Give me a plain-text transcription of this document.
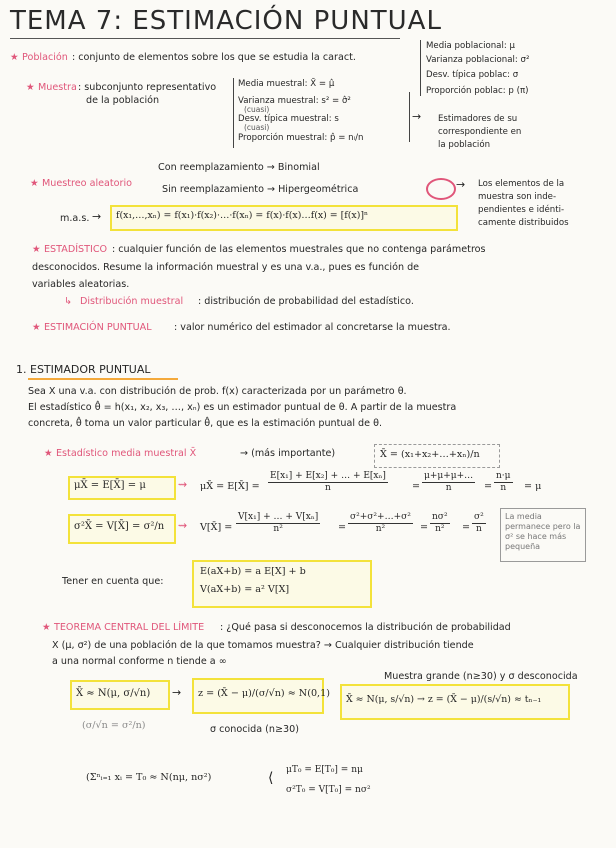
TEMA 7: ESTIMACIÓN PUNTUAL
★ Población : conjunto de elementos sobre los que se estudia la caract.
Media poblacional: μ
Varianza poblacional: σ²
Desv. típica poblac: σ
Proporción poblac: p (π)
★ Muestra : subconjunto representativo
de la población
Media muestral: X̄ = μ̂
Varianza muestral: s² = σ̂²
(cuasi)
Desv. típica muestral: s
(cuasi)
Proporción muestral: p̂ = nᵢ/n
→ Estimadores de su
correspondiente en
la población
★ Muestreo aleatorio
Con reemplazamiento → Binomial
Sin reemplazamiento → Hipergeométrica
m.a.s. → f(x₁,…,xₙ) = f(x₁)·f(x₂)·…·f(xₙ) = f(x)·f(x)…f(x) = [f(x)]ⁿ
→ Los elementos de la
muestra son inde-
pendientes e idénti-
camente distribuidos
★ ESTADÍSTICO : cualquier función de las elementos muestrales que no contenga parámetros
desconocidos. Resume la información muestral y es una v.a., pues es función de
variables aleatorias.
↳ Distribución muestral : distribución de probabilidad del estadístico.
★ ESTIMACIÓN PUNTUAL : valor numérico del estimador al concretarse la muestra.
1. ESTIMADOR PUNTUAL
Sea X una v.a. con distribución de prob. f(x) caracterizada por un parámetro θ.
El estadístico θ̂ = h(x₁, x₂, x₃, …, xₙ) es un estimador puntual de θ. A partir de la muestra
concreta, θ̂ toma un valor particular θ̂, que es la estimación puntual de θ.
★ Estadístico media muestral X̄	→ (más importante)	X̄ = (x₁+x₂+…+xₙ)/n
μX̄ = E[X̄] = μ	⇝ μX̄ = E[X̄] = $\frac{\text{E[x₁] + E[x₂] + … + E[xₙ]}}{n}$	= $\frac{\mu+\mu+\mu+\dots}{n} = \frac{n\cdot\mu}{n} = \mu$
σ²X̄ = V[X̄] = σ²/n ⇝ V[X̄] = $\frac{\text{V[x₁] + … + V[xₙ]}}{\text{n²}} = \frac{\text{σ²+σ²+…+σ²}}{\text{n²}} = \frac{\text{nσ²}}{\text{n²}} = \frac{\text{σ²}}{n}$ La media permanece pero la σ² se hace más pequeña
Tener en cuenta que:
E(aX+b) = a E[X] + b
V(aX+b) = a² V[X]
★ TEOREMA CENTRAL DEL LÍMITE : ¿Qué pasa si desconocemos la distribución de probabilidad
X (μ, σ²) de una población de la que tomamos muestra? → Cualquier distribución tiende
a una normal conforme n tiende a ∞
Muestra grande (n≥30) y σ desconocida
X̄ ≈ N(μ, σ/√n) → z = (X̄ − μ)/(σ/√n) ≈ N(0,1)
X̄ ≈ N(μ, s/√n) → z = (X̄ − μ)/(s/√n) ≈ tₙ₋₁
(σ/√n = σ²/n)	σ conocida (n≥30)
(Σⁿᵢ₌₁ xᵢ = T₀ ≈ N(nμ, nσ²)	⟨ μT₀ = E[T₀] = nμ
σ²T₀ = V[T₀] = nσ²
